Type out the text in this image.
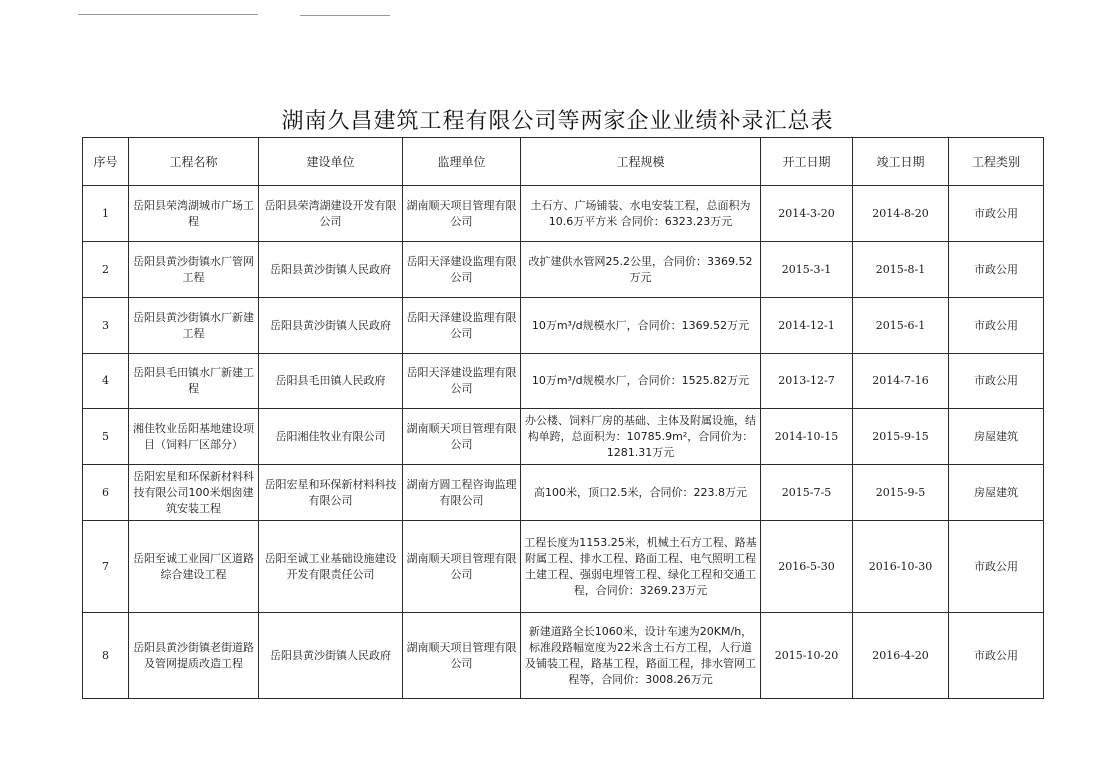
湖南久昌建筑工程有限公司等两家企业业绩补录汇总表
序号	工程名称	建设单位	监理单位	工程规模	开工日期	竣工日期	工程类别
1	岳阳县荣湾湖城市广场工程	岳阳县荣湾湖建设开发有限公司	湖南顺天项目管理有限公司	土石方、广场铺装、水电安装工程，总面积为10.6万平方米 合同价：6323.23万元	2014-3-20	2014-8-20	市政公用
2	岳阳县黄沙街镇水厂管网工程	岳阳县黄沙街镇人民政府	岳阳天泽建设监理有限公司	改扩建供水管网25.2公里，合同价：3369.52万元	2015-3-1	2015-8-1	市政公用
3	岳阳县黄沙街镇水厂新建工程	岳阳县黄沙街镇人民政府	岳阳天泽建设监理有限公司	10万m³/d规模水厂，合同价：1369.52万元	2014-12-1	2015-6-1	市政公用
4	岳阳县毛田镇水厂新建工程	岳阳县毛田镇人民政府	岳阳天泽建设监理有限公司	10万m³/d规模水厂，合同价：1525.82万元	2013-12-7	2014-7-16	市政公用
5	湘佳牧业岳阳基地建设项目（饲料厂区部分）	岳阳湘佳牧业有限公司	湖南顺天项目管理有限公司	办公楼、饲料厂房的基础、主体及附属设施，结构单跨，总面积为：10785.9m²，合同价为：1281.31万元	2014-10-15	2015-9-15	房屋建筑
6	岳阳宏星和环保新材料科技有限公司100米烟囱建筑安装工程	岳阳宏星和环保新材料科技有限公司	湖南方圆工程咨询监理有限公司	高100米，顶口2.5米，合同价：223.8万元	2015-7-5	2015-9-5	房屋建筑
7	岳阳至诚工业园厂区道路综合建设工程	岳阳至诚工业基础设施建设开发有限责任公司	湖南顺天项目管理有限公司	工程长度为1153.25米，机械土石方工程、路基附属工程、排水工程、路面工程、电气照明工程土建工程、强弱电埋管工程、绿化工程和交通工程，合同价：3269.23万元	2016-5-30	2016-10-30	市政公用
8	岳阳县黄沙街镇老街道路及管网提质改造工程	岳阳县黄沙街镇人民政府	湖南顺天项目管理有限公司	新建道路全长1060米，设计车速为20KM/h，标准段路幅宽度为22米含土石方工程，人行道及铺装工程，路基工程，路面工程，排水管网工程等，合同价：3008.26万元	2015-10-20	2016-4-20	市政公用
